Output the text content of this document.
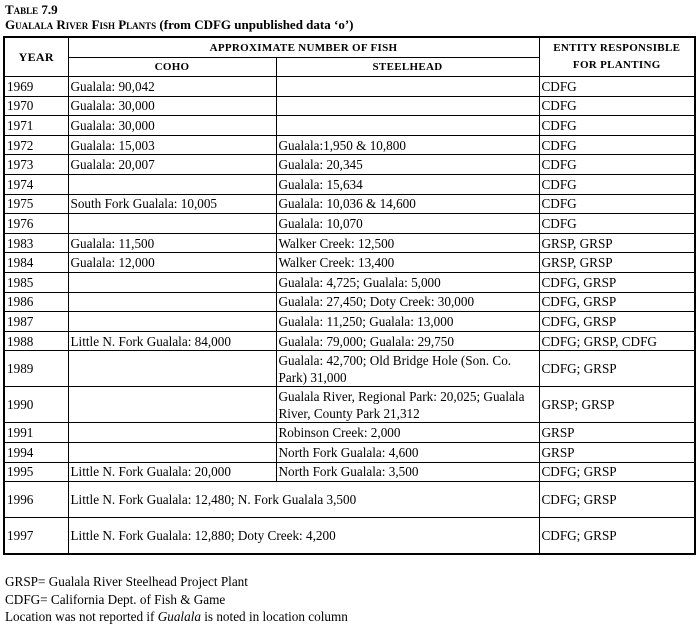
Table 7.9
Gualala River Fish Plants (from CDFG unpublished data ‘o’)
YEAR	APPROXIMATE NUMBER OF FISH		ENTITY RESPONSIBLE FOR PLANTING
	COHO	STEELHEAD	
1969	Gualala: 90,042		CDFG
1970	Gualala: 30,000		CDFG
1971	Gualala: 30,000		CDFG
1972	Gualala: 15,003	Gualala:1,950 & 10,800	CDFG
1973	Gualala: 20,007	Gualala: 20,345	CDFG
1974		Gualala: 15,634	CDFG
1975	South Fork Gualala: 10,005	Gualala: 10,036 & 14,600	CDFG
1976		Gualala: 10,070	CDFG
1983	Gualala: 11,500	Walker Creek: 12,500	GRSP, GRSP
1984	Gualala: 12,000	Walker Creek: 13,400	GRSP, GRSP
1985		Gualala: 4,725; Gualala: 5,000	CDFG, GRSP
1986		Gualala: 27,450; Doty Creek: 30,000	CDFG, GRSP
1987		Gualala: 11,250; Gualala: 13,000	CDFG, GRSP
1988	Little N. Fork Gualala: 84,000	Gualala: 79,000; Gualala: 29,750	CDFG; GRSP, CDFG
1989		Gualala: 42,700; Old Bridge Hole (Son. Co. Park) 31,000	CDFG; GRSP
1990		Gualala River, Regional Park: 20,025; Gualala River, County Park 21,312	GRSP; GRSP
1991		Robinson Creek: 2,000	GRSP
1994		North Fork Gualala: 4,600	GRSP
1995	Little N. Fork Gualala: 20,000	North Fork Gualala: 3,500	CDFG; GRSP
1996	Little N. Fork Gualala: 12,480; N. Fork Gualala 3,500		CDFG; GRSP
1997	Little N. Fork Gualala: 12,880; Doty Creek: 4,200		CDFG; GRSP
GRSP= Gualala River Steelhead Project Plant
CDFG= California Dept. of Fish & Game
Location was not reported if Gualala is noted in location column
